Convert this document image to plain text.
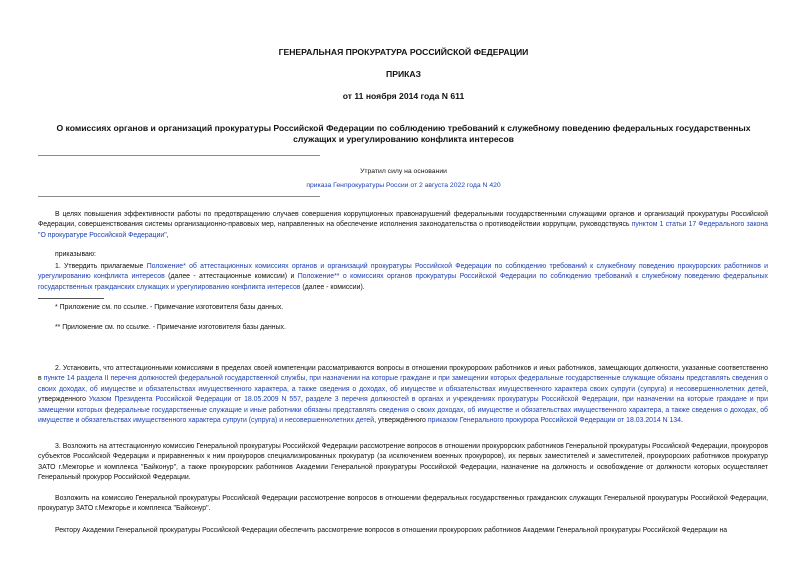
ГЕНЕРАЛЬНАЯ ПРОКУРАТУРА РОССИЙСКОЙ ФЕДЕРАЦИИ
ПРИКАЗ
от 11 ноября 2014 года N 611
О комиссиях органов и организаций прокуратуры Российской Федерации по соблюдению требований к служебному поведению федеральных государственных
служащих и урегулированию конфликта интересов
Утратил силу на основании
приказа Генпрокуратуры России от 2 августа 2022 года N 420
В целях повышения эффективности работы по предотвращению случаев совершения коррупционных правонарушений федеральными государственными служащими органов и организаций прокуратуры Российской Федерации, совершенствования системы организационно-правовых мер, направленных на обеспечение исполнения законодательства о противодействии коррупции, руководствуясь пунктом 1 статьи 17 Федерального закона "О прокуратуре Российской Федерации",
приказываю:
1. Утвердить прилагаемые Положение* об аттестационных комиссиях органов и организаций прокуратуры Российской Федерации по соблюдению требований к служебному поведению прокурорских работников и урегулированию конфликта интересов (далее - аттестационные комиссии) и Положение** о комиссиях органов прокуратуры Российской Федерации по соблюдению требований к служебному поведению федеральных государственных гражданских служащих и урегулированию конфликта интересов (далее - комиссии).
* Приложение см. по ссылке. - Примечание изготовителя базы данных.
** Приложение см. по ссылке. - Примечание изготовителя базы данных.
2. Установить, что аттестационными комиссиями в пределах своей компетенции рассматриваются вопросы в отношении прокурорских работников и иных работников, замещающих должности, указанные соответственно в пункте 14 раздела II перечня должностей федеральной государственной службы, при назначении на которые граждане и при замещении которых федеральные государственные служащие обязаны представлять сведения о своих доходах, об имуществе и обязательствах имущественного характера, а также сведения о доходах, об имуществе и обязательствах имущественного характера своих супруги (супруга) и несовершеннолетних детей, утвержденного Указом Президента Российской Федерации от 18.05.2009 N 557, разделе 3 перечня должностей в органах и учреждениях прокуратуры Российской Федерации, при назначении на которые граждане и при замещении которых федеральные государственные служащие и иные работники обязаны представлять сведения о своих доходах, об имуществе и обязательствах имущественного характера, а также сведения о доходах, об имуществе и обязательствах имущественного характера супруги (супруга) и несовершеннолетних детей, утверждённого приказом Генерального прокурора Российской Федерации от 18.03.2014 N 134.
3. Возложить на аттестационную комиссию Генеральной прокуратуры Российской Федерации рассмотрение вопросов в отношении прокурорских работников Генеральной прокуратуры Российской Федерации, прокуроров субъектов Российской Федерации и приравненных к ним прокуроров специализированных прокуратур (за исключением военных прокуроров), их первых заместителей и заместителей, прокурорских работников прокуратур ЗАТО г.Межгорье и комплекса "Байконур", а также прокурорских работников Академии Генеральной прокуратуры Российской Федерации, назначение на должность и освобождение от должности которых осуществляет Генеральный прокурор Российской Федерации.
Возложить на комиссию Генеральной прокуратуры Российской Федерации рассмотрение вопросов в отношении федеральных государственных гражданских служащих Генеральной прокуратуры Российской Федерации, прокуратур ЗАТО г.Межгорье и комплекса "Байконур".
Ректору Академии Генеральной прокуратуры Российской Федерации обеспечить рассмотрение вопросов в отношении прокурорских работников Академии Генеральной прокуратуры Российской Федерации на
